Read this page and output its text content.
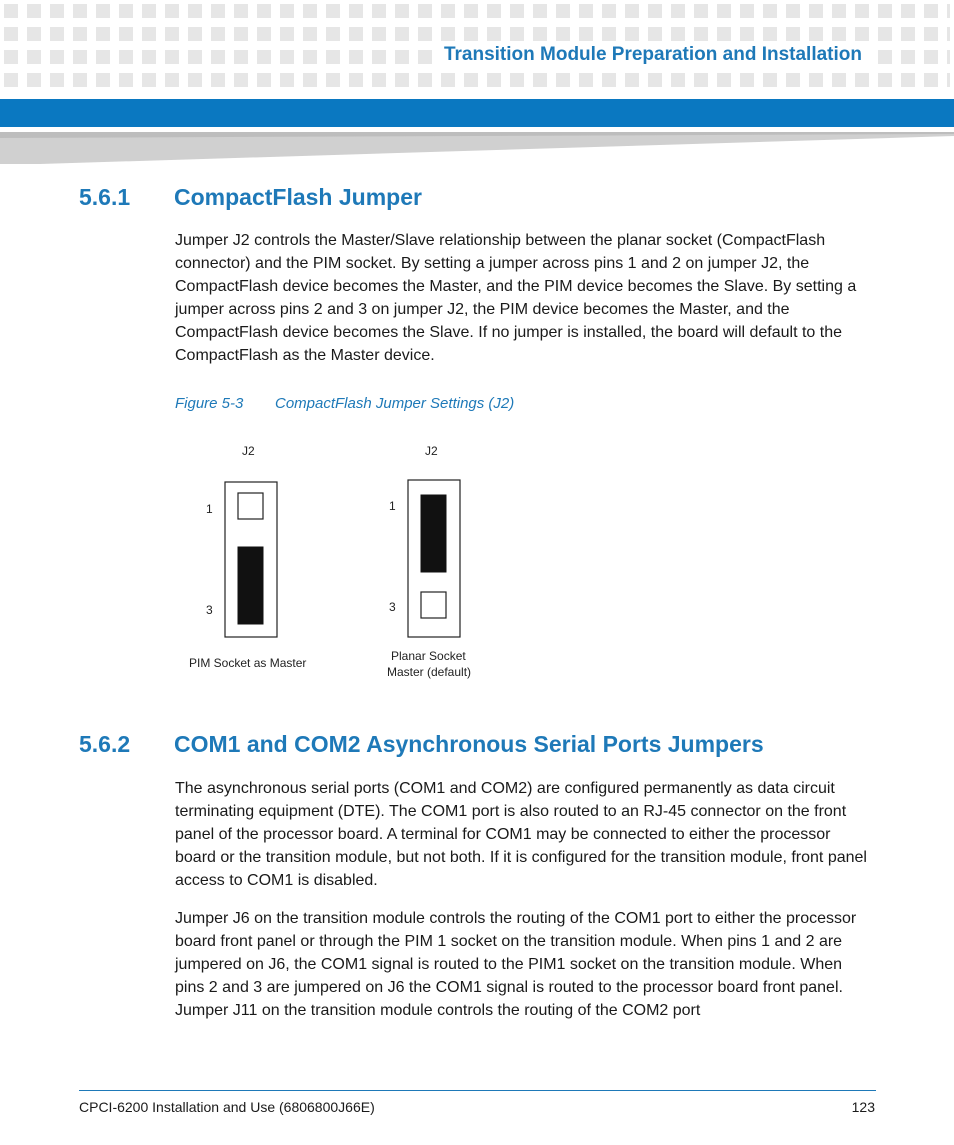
Transition Module Preparation and Installation
5.6.1 CompactFlash Jumper

Jumper J2 controls the Master/Slave relationship between the planar socket (CompactFlash connector) and the PIM socket. By setting a jumper across pins 1 and 2 on jumper J2, the CompactFlash device becomes the Master, and the PIM device becomes the Slave. By setting a jumper across pins 2 and 3 on jumper J2, the PIM device becomes the Master, and the CompactFlash device becomes the Slave. If no jumper is installed, the board will default to the CompactFlash as the Master device.

Figure 5-3 CompactFlash Jumper Settings (J2)
J2
1
3
PIM Socket as Master
J2
1
3
Planar Socket
Master (default)
5.6.2 COM1 and COM2 Asynchronous Serial Ports Jumpers

The asynchronous serial ports (COM1 and COM2) are configured permanently as data circuit terminating equipment (DTE). The COM1 port is also routed to an RJ-45 connector on the front panel of the processor board. A terminal for COM1 may be connected to either the processor board or the transition module, but not both. If it is configured for the transition module, front panel access to COM1 is disabled.

Jumper J6 on the transition module controls the routing of the COM1 port to either the processor board front panel or through the PIM 1 socket on the transition module. When pins 1 and 2 are jumpered on J6, the COM1 signal is routed to the PIM1 socket on the transition module. When pins 2 and 3 are jumpered on J6 the COM1 signal is routed to the processor board front panel. Jumper J11 on the transition module controls the routing of the COM2 port

CPCI-6200 Installation and Use (6806800J66E)	123
